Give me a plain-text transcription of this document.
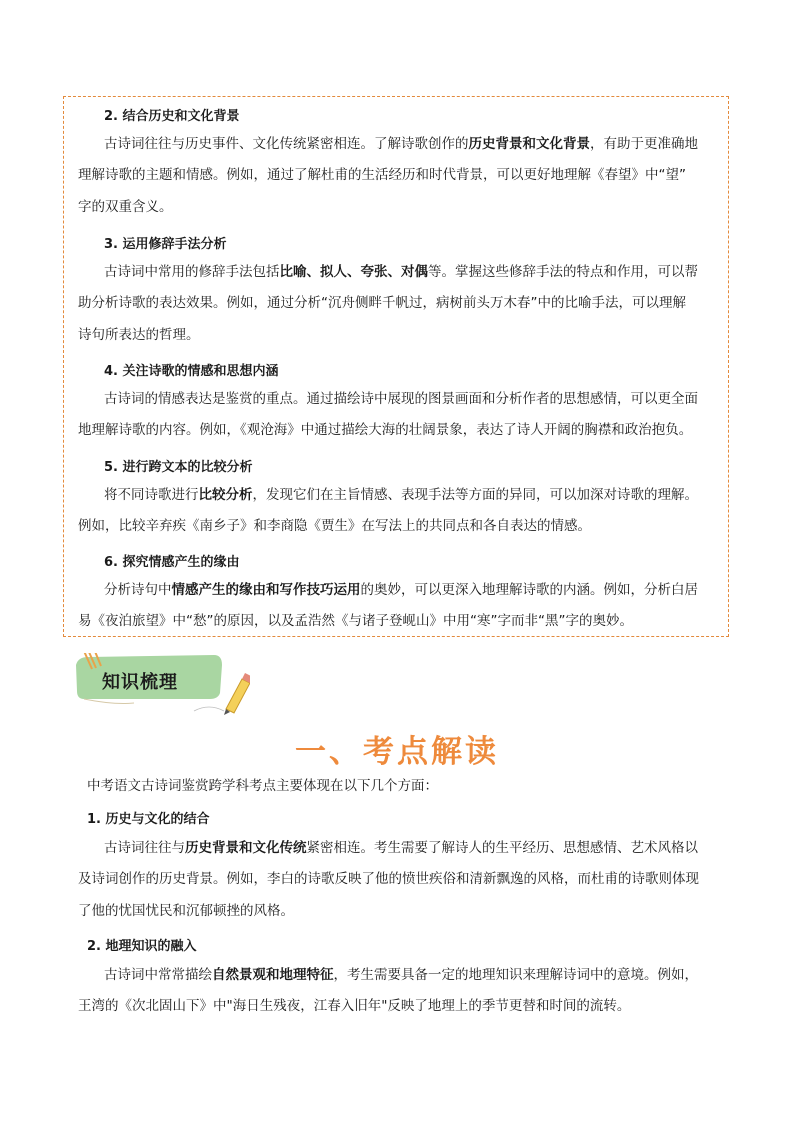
2. 结合历史和文化背景
古诗词往往与历史事件、文化传统紧密相连。了解诗歌创作的历史背景和文化背景，有助于更准确地
理解诗歌的主题和情感。例如，通过了解杜甫的生活经历和时代背景，可以更好地理解《春望》中“望”
字的双重含义。
3. 运用修辞手法分析
古诗词中常用的修辞手法包括比喻、拟人、夸张、对偶等。掌握这些修辞手法的特点和作用，可以帮
助分析诗歌的表达效果。例如，通过分析“沉舟侧畔千帆过，病树前头万木春”中的比喻手法，可以理解
诗句所表达的哲理。
4. 关注诗歌的情感和思想内涵
古诗词的情感表达是鉴赏的重点。通过描绘诗中展现的图景画面和分析作者的思想感情，可以更全面
地理解诗歌的内容。例如，《观沧海》中通过描绘大海的壮阔景象，表达了诗人开阔的胸襟和政治抱负。
5. 进行跨文本的比较分析
将不同诗歌进行比较分析，发现它们在主旨情感、表现手法等方面的异同，可以加深对诗歌的理解。
例如，比较辛弃疾《南乡子》和李商隐《贾生》在写法上的共同点和各自表达的情感。
6. 探究情感产生的缘由
分析诗句中情感产生的缘由和写作技巧运用的奥妙，可以更深入地理解诗歌的内涵。例如，分析白居
易《夜泊旅望》中“愁”的原因，以及孟浩然《与诸子登岘山》中用“寒”字而非“黑”字的奥妙。
知识梳理
一、考点解读
中考语文古诗词鉴赏跨学科考点主要体现在以下几个方面：
1. 历史与文化的结合
古诗词往往与历史背景和文化传统紧密相连。考生需要了解诗人的生平经历、思想感情、艺术风格以
及诗词创作的历史背景。例如，李白的诗歌反映了他的愤世疾俗和清新飘逸的风格，而杜甫的诗歌则体现
了他的忧国忧民和沉郁顿挫的风格。
2. 地理知识的融入
古诗词中常常描绘自然景观和地理特征，考生需要具备一定的地理知识来理解诗词中的意境。例如，
王湾的《次北固山下》中"海日生残夜，江春入旧年"反映了地理上的季节更替和时间的流转。
